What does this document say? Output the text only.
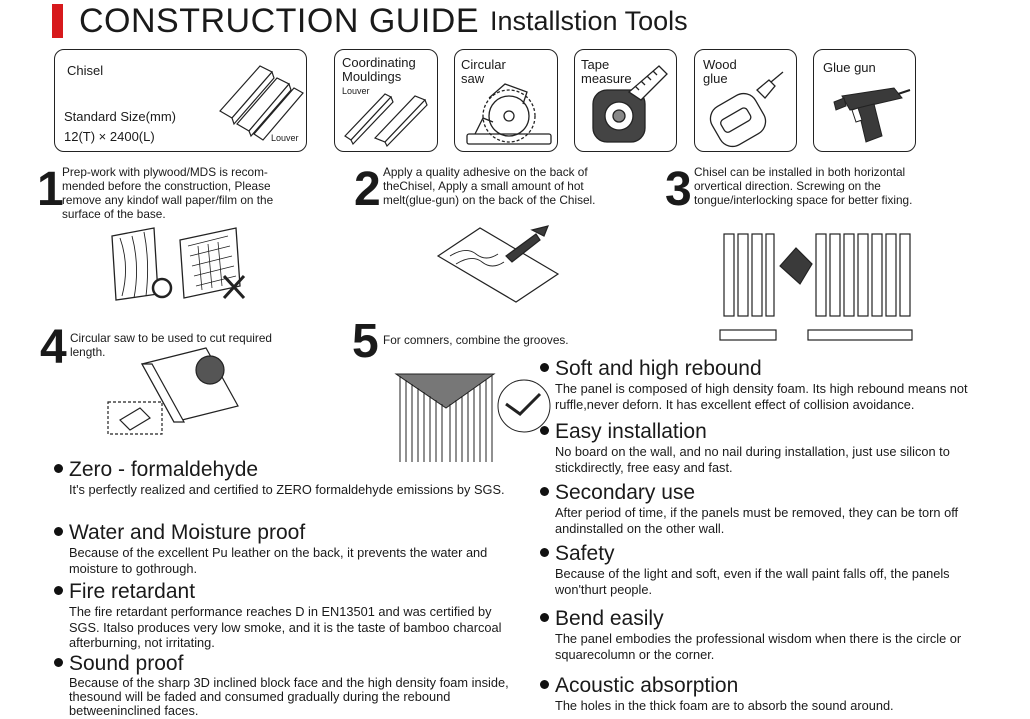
CONSTRUCTION GUIDE Installstion Tools
Chisel
Standard Size(mm)
12(T) × 2400(L)	Louver
Coordinating Mouldings
Louver
Circular saw
Tape measure
Wood glue
Glue gun
1
Prep-work with plywood/MDS is recom- mended before the construction, Please remove any kindof wall paper/film on the surface of the base.	2 Apply a quality adhesive on the back of theChisel, Apply a small amount of hot melt(glue-gun) on the back of the Chisel.	3 Chisel can be installed in both horizontal orvertical direction. Screwing on the tongue/interlocking space for better fixing.
4 Circular saw to be used to cut required length.	5 For comners, combine the grooves.
Zero - formaldehyde
It's perfectly realized and certified to ZERO formaldehyde emissions by SGS.
Water and Moisture proof
Because of the excellent Pu leather on the back, it prevents the water and moisture to gothrough.
Fire retardant
The fire retardant performance reaches D in EN13501 and was certified by SGS. Italso produces very low smoke, and it is the taste of bamboo charcoal afterburning, not irritating.
Sound proof
Because of the sharp 3D inclined block face and the high density foam inside, thesound will be faded and consumed gradually during the rebound betweeninclined faces.
Soft and high rebound
The panel is composed of high density foam. Its high rebound means not ruffle,never deforn. It has excellent effect of collision avoidance.
Easy installation
No board on the wall, and no nail during installation, just use silicon to stickdirectly, free easy and fast.
Secondary use
After period of time, if the panels must be removed, they can be torn off andinstalled on the other wall.
Safety
Because of the light and soft, even if the wall paint falls off, the panels won'thurt people.
Bend easily
The panel embodies the professional wisdom when there is the circle or squarecolumn or the corner.
Acoustic absorption
The holes in the thick foam are to absorb the sound around.
